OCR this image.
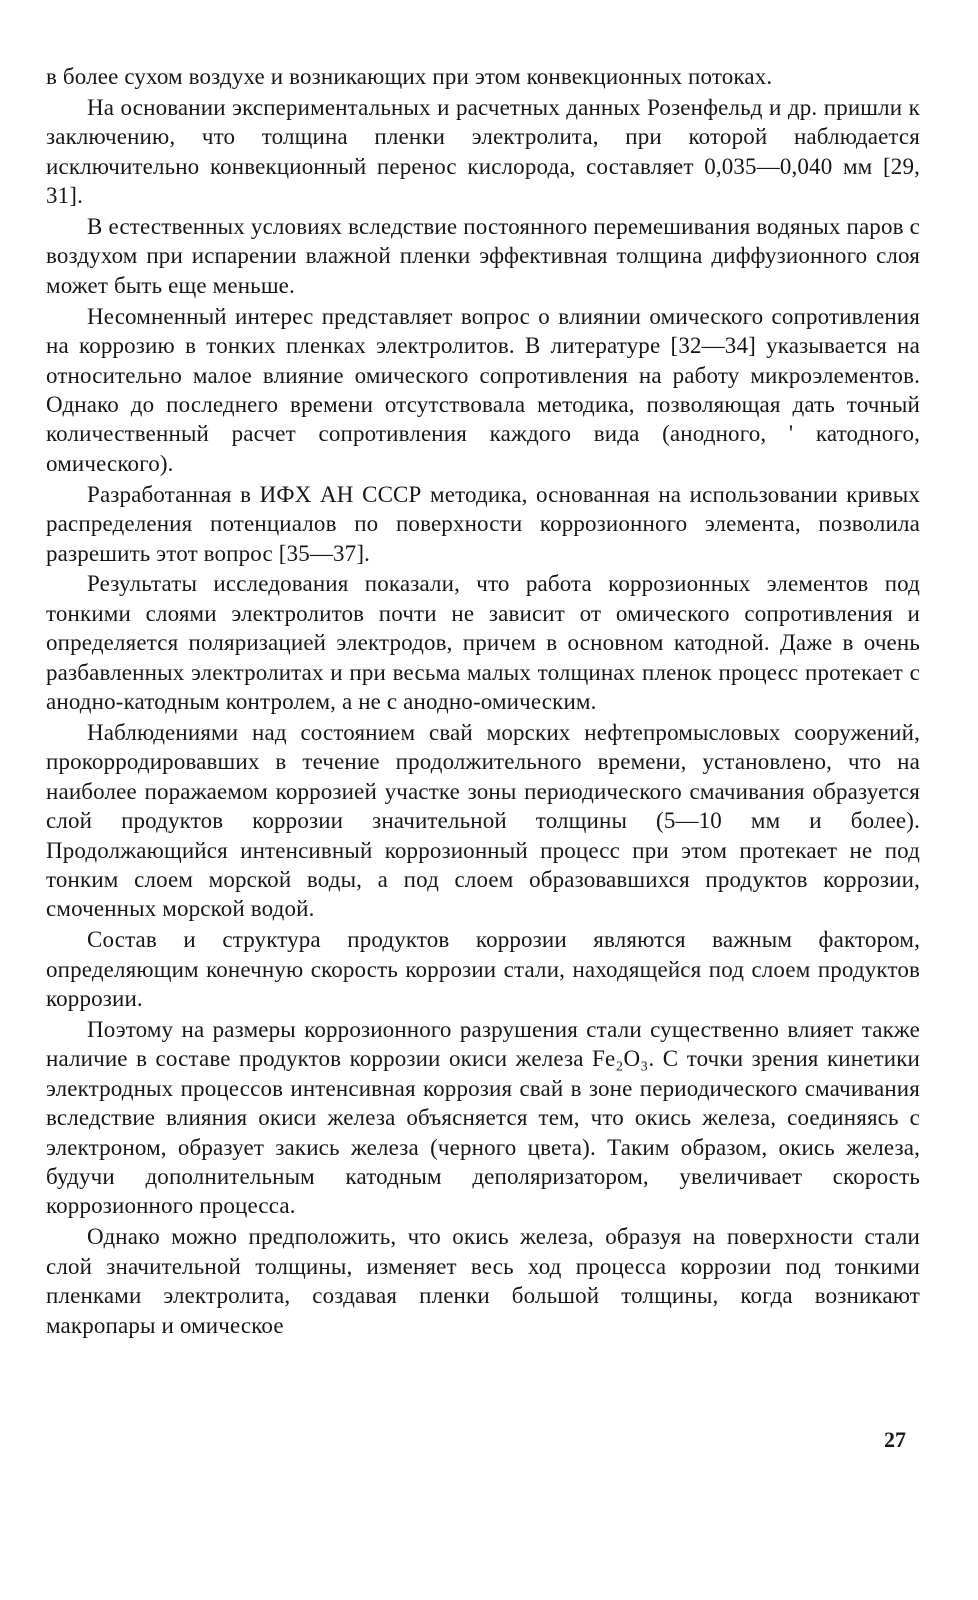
в более сухом воздухе и возникающих при этом конвекционных потоках.

На основании экспериментальных и расчетных данных Розенфельд и др. пришли к заключению, что толщина пленки электролита, при которой наблюдается исключительно конвекционный перенос кислорода, составляет 0,035—0,040 мм [29, 31].

В естественных условиях вследствие постоянного перемешивания водяных паров с воздухом при испарении влажной пленки эффективная толщина диффузионного слоя может быть еще меньше.

Несомненный интерес представляет вопрос о влиянии омического сопротивления на коррозию в тонких пленках электролитов. В литературе [32—34] указывается на относительно малое влияние омического сопротивления на работу микроэлементов. Однако до последнего времени отсутствовала методика, позволяющая дать точный количественный расчет сопротивления каждого вида (анодного, ' катодного, омического).

Разработанная в ИФХ АН СССР методика, основанная на использовании кривых распределения потенциалов по поверхности коррозионного элемента, позволила разрешить этот вопрос [35—37].

Результаты исследования показали, что работа коррозионных элементов под тонкими слоями электролитов почти не зависит от омического сопротивления и определяется поляризацией электродов, причем в основном катодной. Даже в очень разбавленных электролитах и при весьма малых толщинах пленок процесс протекает с анодно-катодным контролем, а не с анодно-омическим.

Наблюдениями над состоянием свай морских нефтепромысловых сооружений, прокорродировавших в течение продолжительного времени, установлено, что на наиболее поражаемом коррозией участке зоны периодического смачивания образуется слой продуктов коррозии значительной толщины (5—10 мм и более). Продолжающийся интенсивный коррозионный процесс при этом протекает не под тонким слоем морской воды, а под слоем образовавшихся продуктов коррозии, смоченных морской водой.

Состав и структура продуктов коррозии являются важным фактором, определяющим конечную скорость коррозии стали, находящейся под слоем продуктов коррозии.

Поэтому на размеры коррозионного разрушения стали существенно влияет также наличие в составе продуктов коррозии окиси железа Fe₂O₃. С точки зрения кинетики электродных процессов интенсивная коррозия свай в зоне периодического смачивания вследствие влияния окиси железа объясняется тем, что окись железа, соединяясь с электроном, образует закись железа (черного цвета). Таким образом, окись железа, будучи дополнительным катодным деполяризатором, увеличивает скорость коррозионного процесса.

Однако можно предположить, что окись железа, образуя на поверхности стали слой значительной толщины, изменяет весь ход процесса коррозии под тонкими пленками электролита, создавая пленки большой толщины, когда возникают макропары и омическое

27
